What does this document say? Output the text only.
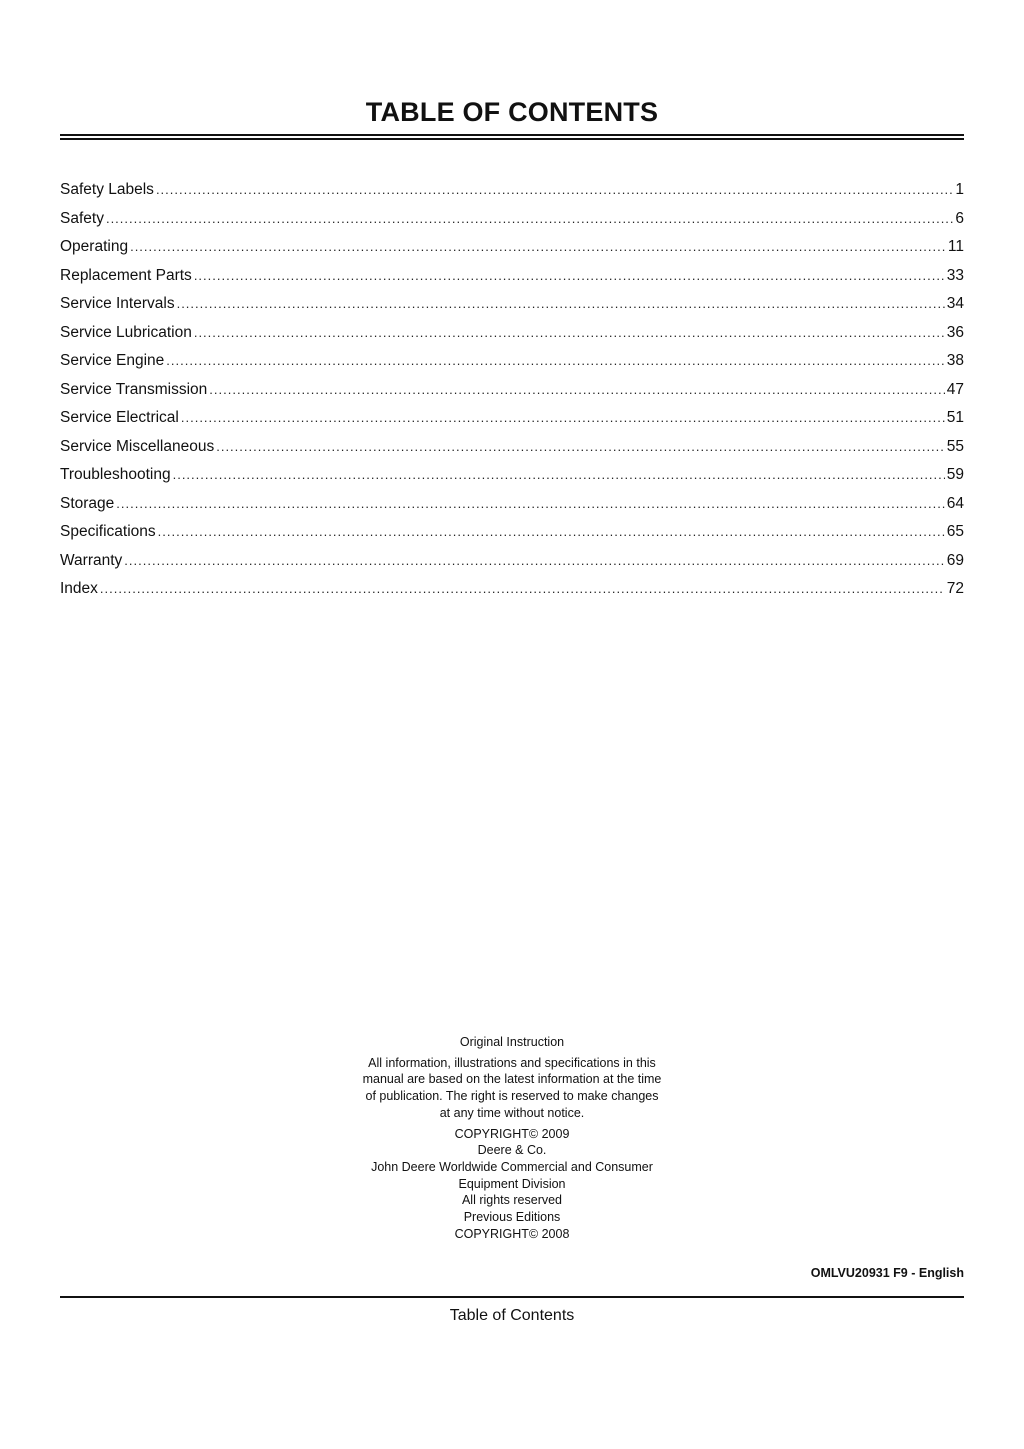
TABLE OF CONTENTS
Safety Labels .....	1
Safety .....	6
Operating .....	11
Replacement Parts .....	33
Service Intervals .....	34
Service Lubrication .....	36
Service Engine .....	38
Service Transmission .....	47
Service Electrical .....	51
Service Miscellaneous .....	55
Troubleshooting .....	59
Storage .....	64
Specifications .....	65
Warranty .....	69
Index .....	72
Original Instruction
All information, illustrations and specifications in this manual are based on the latest information at the time of publication. The right is reserved to make changes at any time without notice.
COPYRIGHT© 2009
Deere & Co.
John Deere Worldwide Commercial and Consumer Equipment Division
All rights reserved
Previous Editions
COPYRIGHT© 2008
OMLVU20931 F9 - English
Table of Contents
